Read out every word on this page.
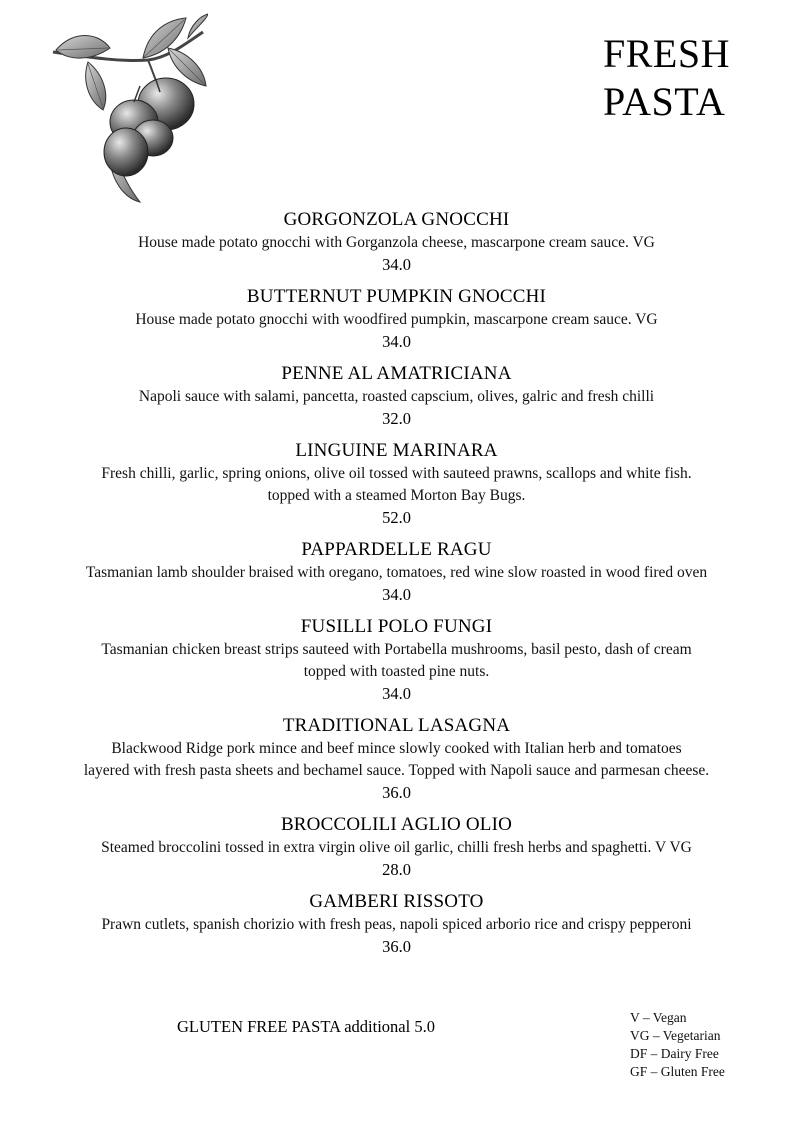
FRESH
PASTA
GORGONZOLA GNOCCHI
House made potato gnocchi with Gorganzola cheese, mascarpone cream sauce. VG
34.0
BUTTERNUT PUMPKIN GNOCCHI
House made potato gnocchi with woodfired pumpkin, mascarpone cream sauce. VG
34.0
PENNE AL AMATRICIANA
Napoli sauce with salami, pancetta, roasted capscium, olives, galric and fresh chilli
32.0
LINGUINE MARINARA
Fresh chilli, garlic, spring onions, olive oil tossed with sauteed prawns, scallops and white fish.
topped with a steamed Morton Bay Bugs.
52.0
PAPPARDELLE RAGU
Tasmanian lamb shoulder braised with oregano, tomatoes, red wine slow roasted in wood fired oven
34.0
FUSILLI POLO FUNGI
Tasmanian chicken breast strips sauteed with Portabella mushrooms, basil pesto, dash of cream
topped with toasted pine nuts.
34.0
TRADITIONAL LASAGNA
Blackwood Ridge pork mince and beef mince slowly cooked with Italian herb and tomatoes
layered with fresh pasta sheets and bechamel sauce. Topped with Napoli sauce and parmesan cheese.
36.0
BROCCOLILI AGLIO OLIO
Steamed broccolini tossed in extra virgin olive oil garlic, chilli fresh herbs and spaghetti. V VG
28.0
GAMBERI RISSOTO
Prawn cutlets, spanish chorizio with fresh peas, napoli spiced arborio rice and crispy pepperoni
36.0
GLUTEN FREE PASTA additional 5.0	V – Vegan
VG – Vegetarian
DF – Dairy Free
GF – Gluten Free
